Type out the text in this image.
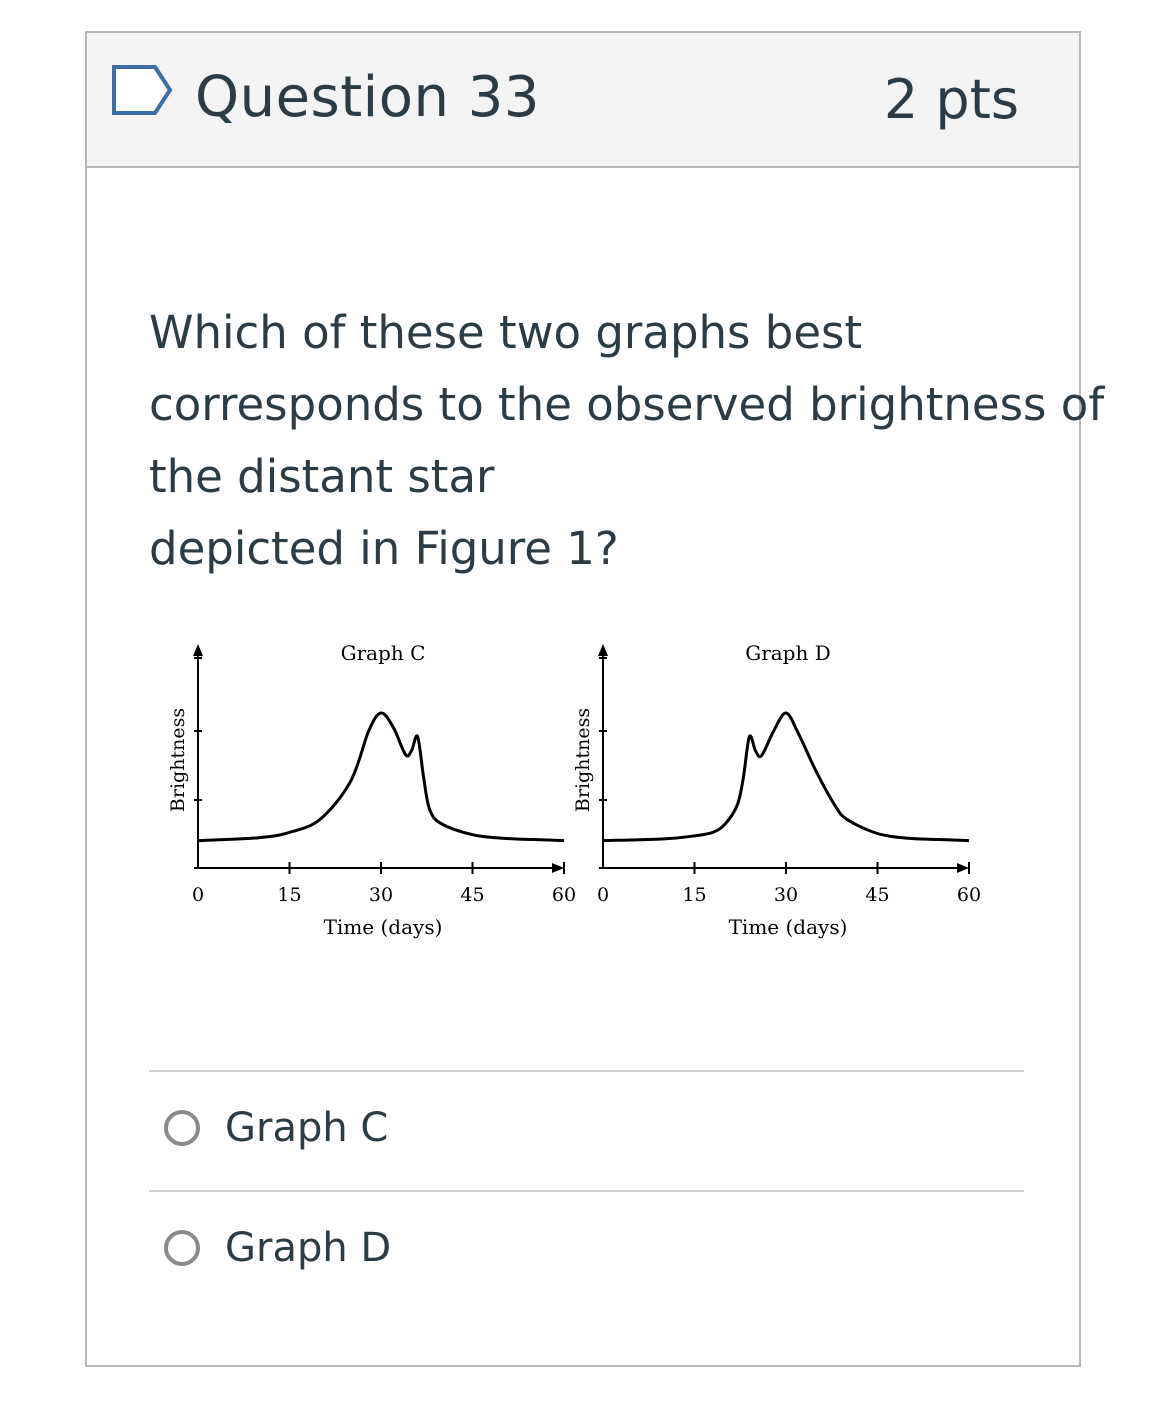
Question 33	2 pts
Which of these two graphs best
corresponds to the observed brightness of
the distant star
depicted in Figure 1?
Graph C
Graph D
0	15	30	45	60
Graph C
Time (days)
Brightness
0	15	30	45	60
Graph D
Time (days)
Brightness
